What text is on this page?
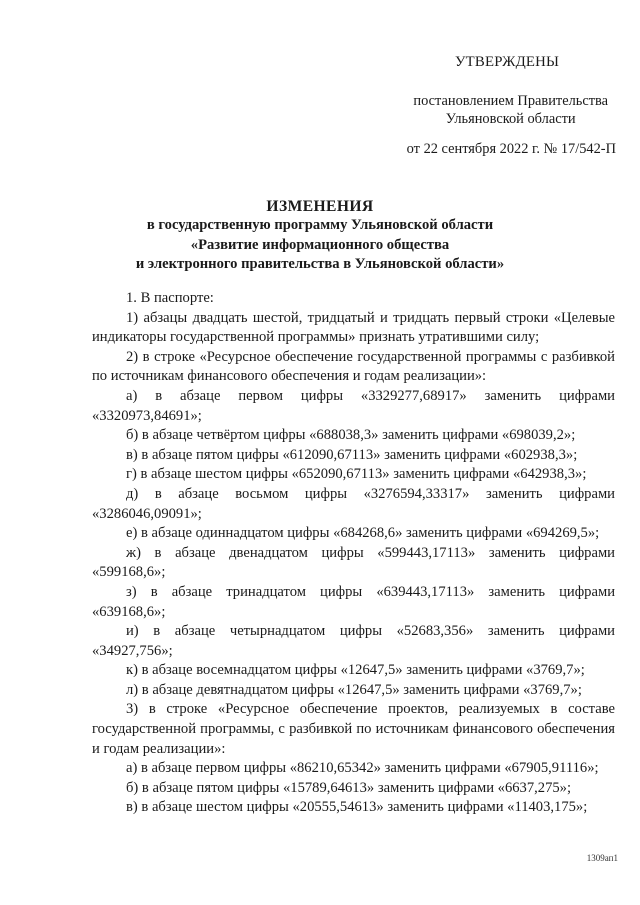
УТВЕРЖДЕНЫ
постановлением Правительства
Ульяновской области
от 22 сентября 2022 г. № 17/542-П
ИЗМЕНЕНИЯ
в государственную программу Ульяновской области
«Развитие информационного общества
и электронного правительства в Ульяновской области»

1. В паспорте:

1) абзацы двадцать шестой, тридцатый и тридцать первый строки «Целевые индикаторы государственной программы» признать утратившими силу;

2) в строке «Ресурсное обеспечение государственной программы с разбивкой по источникам финансового обеспечения и годам реализации»:

а) в абзаце первом цифры «3329277,68917» заменить цифрами «3320973,84691»;

б) в абзаце четвёртом цифры «688038,3» заменить цифрами «698039,2»;

в) в абзаце пятом цифры «612090,67113» заменить цифрами «602938,3»;

г) в абзаце шестом цифры «652090,67113» заменить цифрами «642938,3»;

д) в абзаце восьмом цифры «3276594,33317» заменить цифрами «3286046,09091»;

е) в абзаце одиннадцатом цифры «684268,6» заменить цифрами «694269,5»;

ж) в абзаце двенадцатом цифры «599443,17113» заменить цифрами «599168,6»;

з) в абзаце тринадцатом цифры «639443,17113» заменить цифрами «639168,6»;

и) в абзаце четырнадцатом цифры «52683,356» заменить цифрами «34927,756»;

к) в абзаце восемнадцатом цифры «12647,5» заменить цифрами «3769,7»;

л) в абзаце девятнадцатом цифры «12647,5» заменить цифрами «3769,7»;

3) в строке «Ресурсное обеспечение проектов, реализуемых в составе государственной программы, с разбивкой по источникам финансового обеспечения и годам реализации»:

а) в абзаце первом цифры «86210,65342» заменить цифрами «67905,91116»;

б) в абзаце пятом цифры «15789,64613» заменить цифрами «6637,275»;

в) в абзаце шестом цифры «20555,54613» заменить цифрами «11403,175»;

1309ап1
